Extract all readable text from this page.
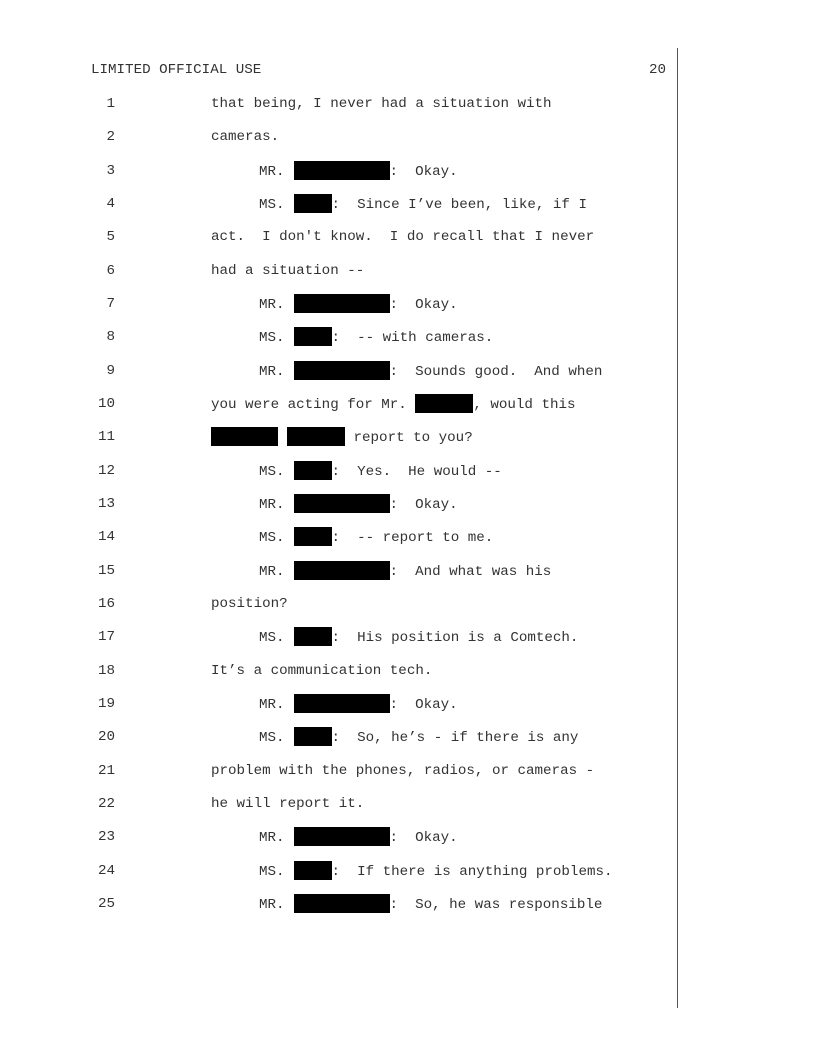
LIMITED OFFICIAL USE	20
1	that being, I never had a situation with
2	cameras.
3	MR.	:  Okay.
4	MS.	:  Since I’ve been, like, if I
5	act.  I don't know.  I do recall that I never
6	had a situation --
7	MR.	:  Okay.
8	MS.	:  -- with cameras.
9	MR.	:  Sounds good.  And when
10	you were acting for Mr.	, would this
11	report to you?
12	MS.	:  Yes.  He would --
13	MR.	:  Okay.
14	MS.	:  -- report to me.
15	MR.	:  And what was his
16	position?
17	MS.	:  His position is a Comtech.
18	It’s a communication tech.
19	MR.	:  Okay.
20	MS.	:  So, he’s - if there is any
21	problem with the phones, radios, or cameras -
22	he will report it.
23	MR.	:  Okay.
24	MS.	:  If there is anything problems.
25	MR.	:  So, he was responsible
